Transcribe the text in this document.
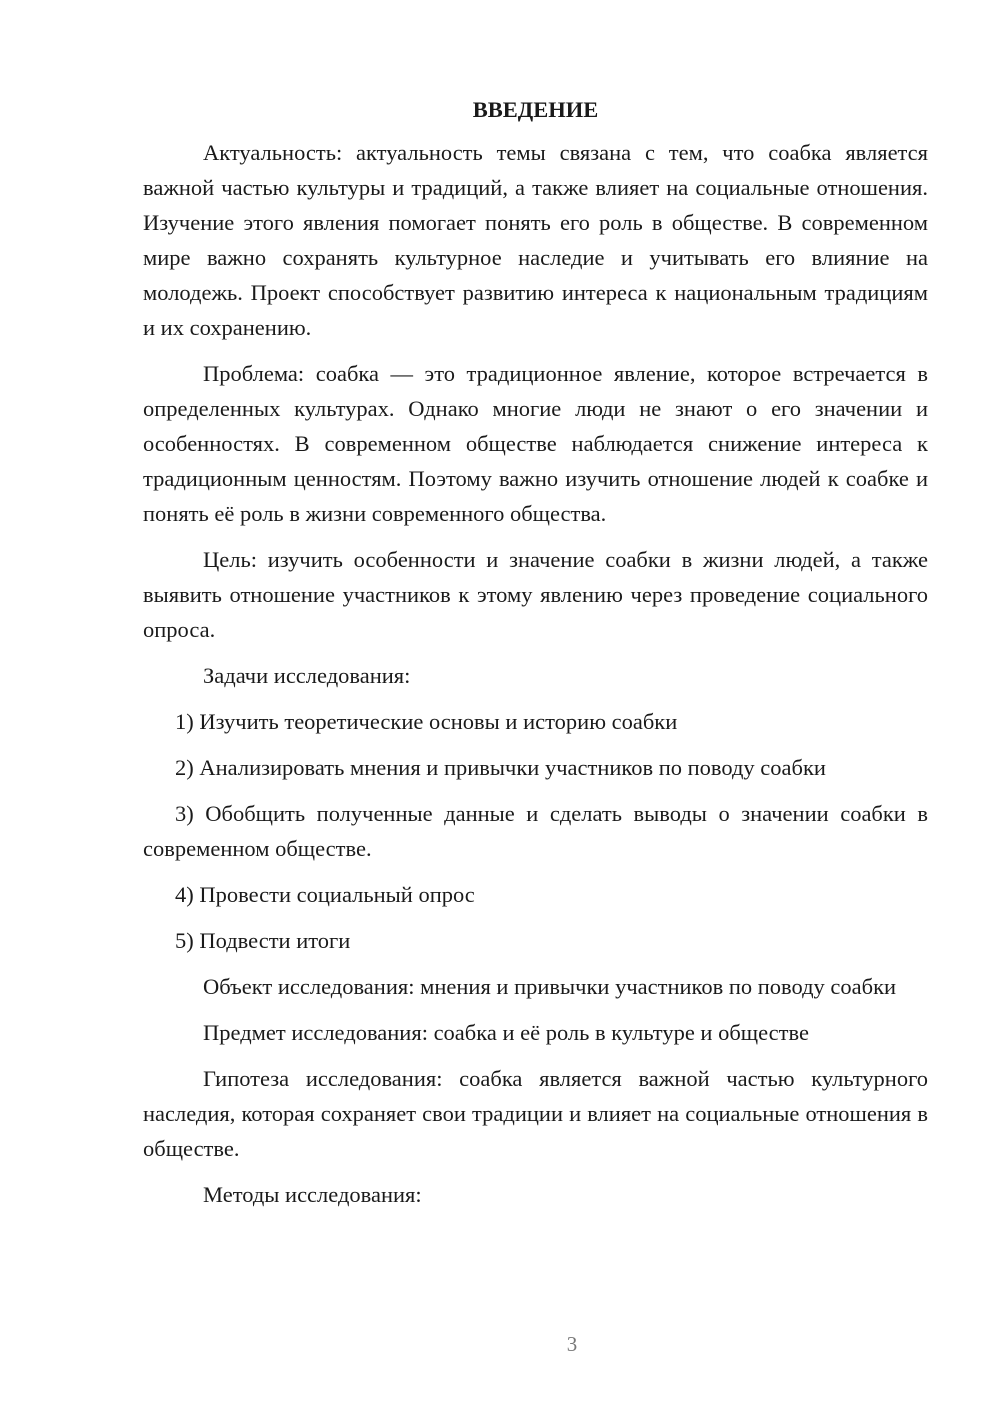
ВВЕДЕНИЕ

Актуальность: актуальность темы связана с тем, что соабка является важной частью культуры и традиций, а также влияет на социальные отношения. Изучение этого явления помогает понять его роль в обществе. В современном мире важно сохранять культурное наследие и учитывать его влияние на молодежь. Проект способствует развитию интереса к национальным традициям и их сохранению.

Проблема: соабка — это традиционное явление, которое встречается в определенных культурах. Однако многие люди не знают о его значении и особенностях. В современном обществе наблюдается снижение интереса к традиционным ценностям. Поэтому важно изучить отношение людей к соабке и понять её роль в жизни современного общества.

Цель: изучить особенности и значение соабки в жизни людей, а также выявить отношение участников к этому явлению через проведение социального опроса.

Задачи исследования:

1) Изучить теоретические основы и историю соабки

2) Анализировать мнения и привычки участников по поводу соабки

3) Обобщить полученные данные и сделать выводы о значении соабки в современном обществе.

4) Провести социальный опрос

5) Подвести итоги

Объект исследования: мнения и привычки участников по поводу соабки

Предмет исследования: соабка и её роль в культуре и обществе

Гипотеза исследования: соабка является важной частью культурного наследия, которая сохраняет свои традиции и влияет на социальные отношения в обществе.

Методы исследования:

3
